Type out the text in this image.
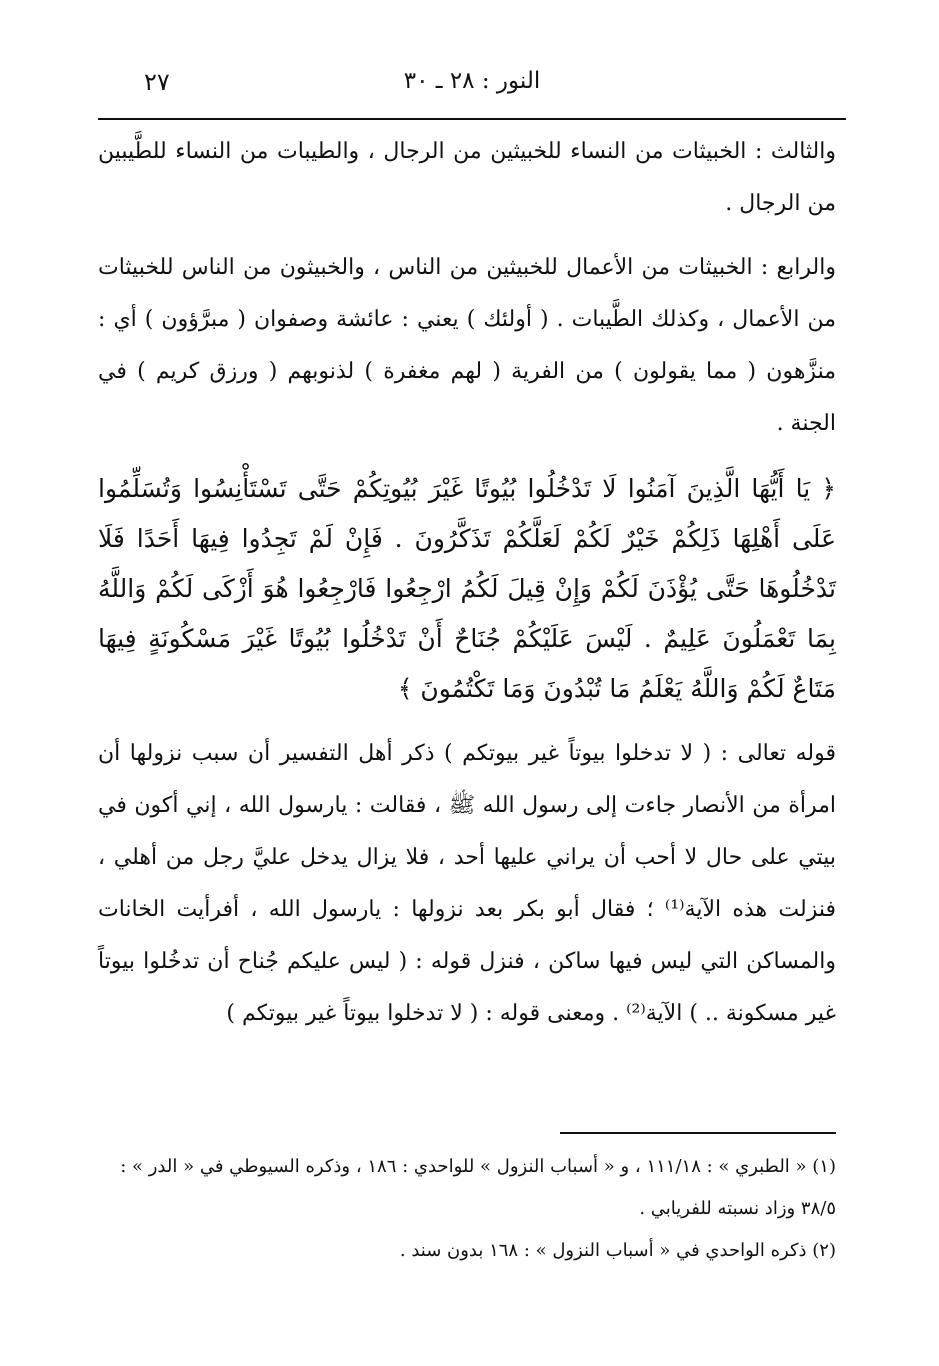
٢٧	النور : ٢٨ ـ ٣٠

والثالث : الخبيثات من النساء للخبيثين من الرجال ، والطيبات من النساء للطَّيبين من الرجال .

والرابع : الخبيثات من الأعمال للخبيثين من الناس ، والخبيثون من الناس للخبيثات من الأعمال ، وكذلك الطَّيبات . ( أولئك ) يعني : عائشة وصفوان ( مبرَّؤون ) أي : منزَّهون ( مما يقولون ) من الفرية ( لهم مغفرة ) لذنوبهم ( ورزق كريم ) في الجنة .

﴿ يَا أَيُّهَا الَّذِينَ آمَنُوا لَا تَدْخُلُوا بُيُوتًا غَيْرَ بُيُوتِكُمْ حَتَّى تَسْتَأْنِسُوا وَتُسَلِّمُوا عَلَى أَهْلِهَا ذَلِكُمْ خَيْرٌ لَكُمْ لَعَلَّكُمْ تَذَكَّرُونَ . فَإِنْ لَمْ تَجِدُوا فِيهَا أَحَدًا فَلَا تَدْخُلُوهَا حَتَّى يُؤْذَنَ لَكُمْ وَإِنْ قِيلَ لَكُمُ ارْجِعُوا فَارْجِعُوا هُوَ أَزْكَى لَكُمْ وَاللَّهُ بِمَا تَعْمَلُونَ عَلِيمٌ . لَيْسَ عَلَيْكُمْ جُنَاحٌ أَنْ تَدْخُلُوا بُيُوتًا غَيْرَ مَسْكُونَةٍ فِيهَا مَتَاعٌ لَكُمْ وَاللَّهُ يَعْلَمُ مَا تُبْدُونَ وَمَا تَكْتُمُونَ ﴾

قوله تعالى : ( لا تدخلوا بيوتاً غير بيوتكم ) ذكر أهل التفسير أن سبب نزولها أن امرأة من الأنصار جاءت إلى رسول الله ﷺ ، فقالت : يارسول الله ، إني أكون في بيتي على حال لا أحب أن يراني عليها أحد ، فلا يزال يدخل عليَّ رجل من أهلي ، فنزلت هذه الآية⁽¹⁾ ؛ فقال أبو بكر بعد نزولها : يارسول الله ، أفرأيت الخانات والمساكن التي ليس فيها ساكن ، فنزل قوله : ( ليس عليكم جُناح أن تدخُلوا بيوتاً غير مسكونة .. ) الآية⁽²⁾ . ومعنى قوله : ( لا تدخلوا بيوتاً غير بيوتكم )

(١) « الطبري » : ١١١/١٨ ، و « أسباب النزول » للواحدي : ١٨٦ ، وذكره السيوطي في « الدر » : ٣٨/٥ وزاد نسبته للفريابي .

(٢) ذكره الواحدي في « أسباب النزول » : ١٦٨ بدون سند .
